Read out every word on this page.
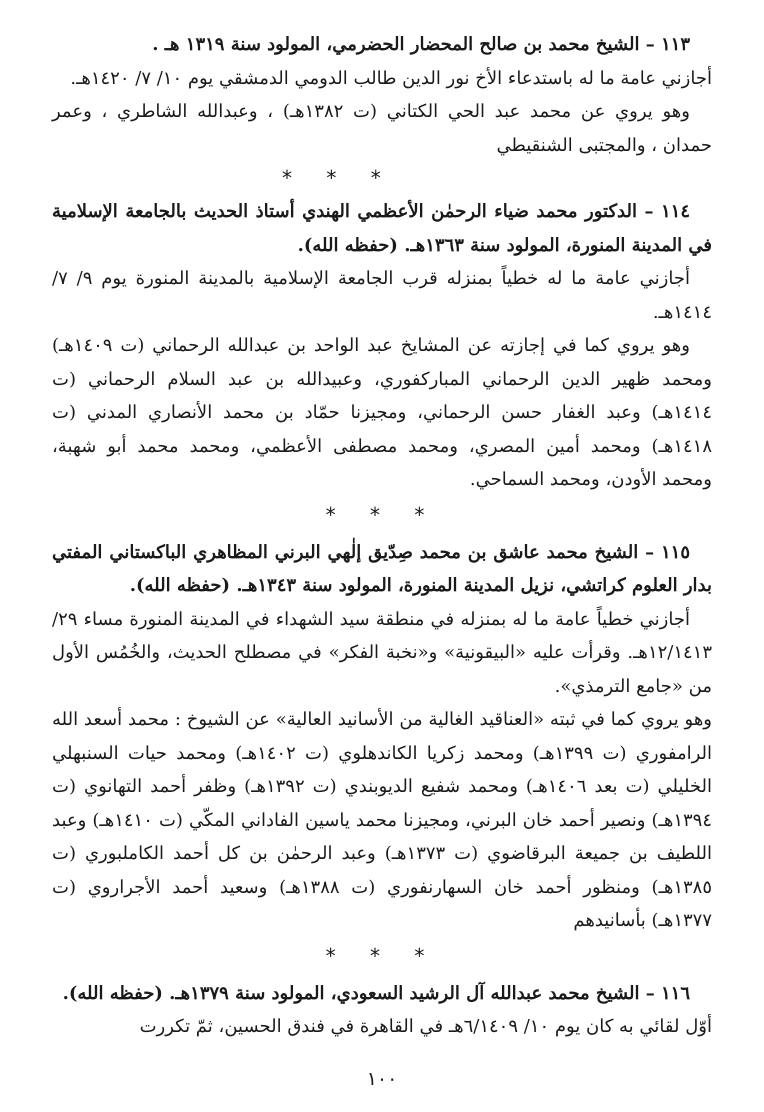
١١٣ – الشيخ محمد بن صالح المحضار الحضرمي، المولود سنة ١٣١٩ هـ .

أجازني عامة ما له باستدعاء الأخ نور الدين طالب الدومي الدمشقي يوم ١٠/ ٧/ ١٤٢٠هـ.

وهو يروي عن محمد عبد الحي الكتاني (ت ١٣٨٢هـ) ، وعبدالله الشاطري ، وعمر حمدان ، والمجتبى الشنقيطي

* * *

١١٤ – الدكتور محمد ضياء الرحمٰن الأعظمي الهندي أستاذ الحديث بالجامعة الإسلامية في المدينة المنورة، المولود سنة ١٣٦٣هـ. (حفظه الله).

أجازني عامة ما له خطياً بمنزله قرب الجامعة الإسلامية بالمدينة المنورة يوم ٩/ ٧/ ١٤١٤هـ.

وهو يروي كما في إجازته عن المشايخ عبد الواحد بن عبدالله الرحماني (ت ١٤٠٩هـ) ومحمد ظهير الدين الرحماني المباركفوري، وعبيدالله بن عبد السلام الرحماني (ت ١٤١٤هـ) وعبد الغفار حسن الرحماني، ومجيزنا حمّاد بن محمد الأنصاري المدني (ت ١٤١٨هـ) ومحمد أمين المصري، ومحمد مصطفى الأعظمي، ومحمد محمد أبو شهبة، ومحمد الأودن، ومحمد السماحي.

* * *

١١٥ – الشيخ محمد عاشق بن محمد صِدّيق إلٰهي البرني المظاهري الباكستاني المفتي بدار العلوم كراتشي، نزيل المدينة المنورة، المولود سنة ١٣٤٣هـ. (حفظه الله).

أجازني خطياً عامة ما له بمنزله في منطقة سيد الشهداء في المدينة المنورة مساء ٢٩/ ١٢/١٤١٣هـ. وقرأت عليه «البيقونية» و«نخبة الفكر» في مصطلح الحديث، والخُمُس الأول من «جامع الترمذي».

وهو يروي كما في ثبته «العناقيد الغالية من الأسانيد العالية» عن الشيوخ : محمد أسعد الله الرامفوري (ت ١٣٩٩هـ) ومحمد زكريا الكاندهلوي (ت ١٤٠٢هـ) ومحمد حيات السنبهلي الخليلي (ت بعد ١٤٠٦هـ) ومحمد شفيع الديوبندي (ت ١٣٩٢هـ) وظفر أحمد التهانوي (ت ١٣٩٤هـ) ونصير أحمد خان البرني، ومجيزنا محمد ياسين الفاداني المكّي (ت ١٤١٠هـ) وعبد اللطيف بن جميعة البرقاضوي (ت ١٣٧٣هـ) وعبد الرحمٰن بن كل أحمد الكاملبوري (ت ١٣٨٥هـ) ومنظور أحمد خان السهارنفوري (ت ١٣٨٨هـ) وسعيد أحمد الأجراروي (ت ١٣٧٧هـ) بأسانيدهم

* * *

١١٦ – الشيخ محمد عبدالله آل الرشيد السعودي، المولود سنة ١٣٧٩هـ. (حفظه الله).

أوّل لقائي به كان يوم ١٠/ ٦/١٤٠٩هـ في القاهرة في فندق الحسين، ثمّ تكررت

١٠٠
